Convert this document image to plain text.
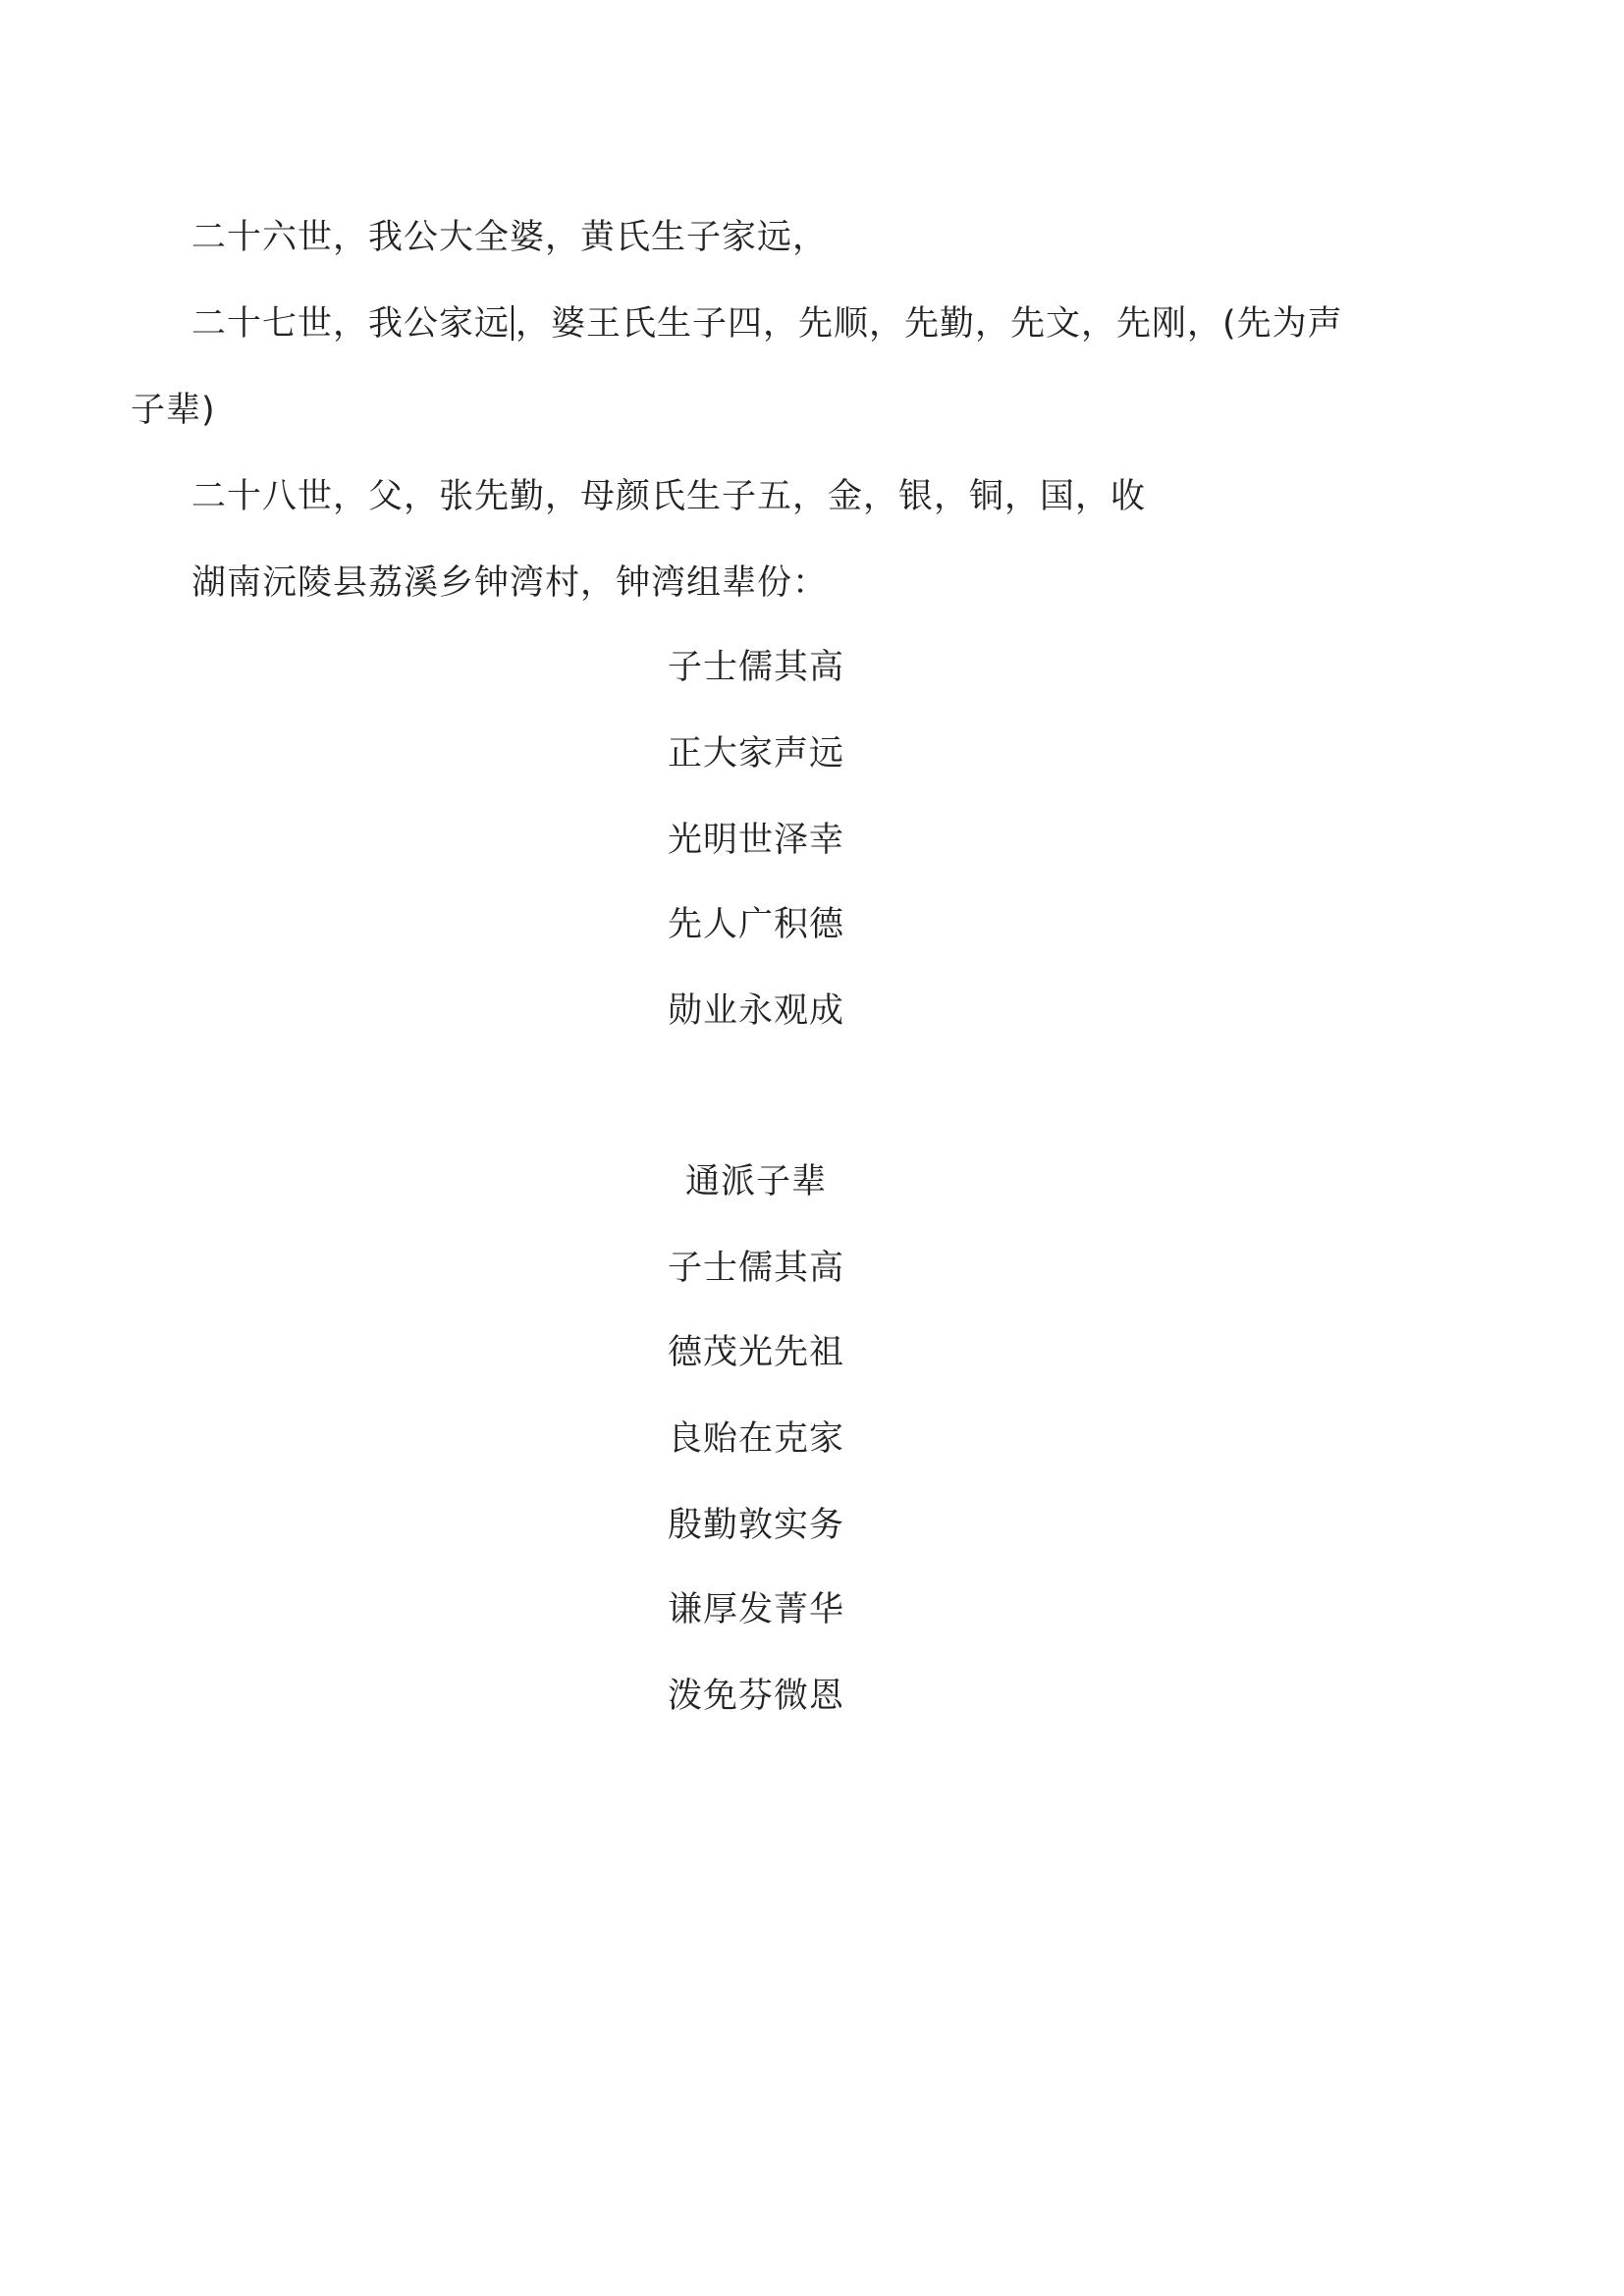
二十六世，我公大全婆，黄氏生子家远，
二十七世，我公家远 ，婆王氏生子四，先顺，先勤，先文，先刚，(先为声
子辈)
二十八世，父，张先勤，母颜氏生子五，金，银，铜，国，收
湖南沅陵县荔溪乡钟湾村，钟湾组辈份：
子士儒其高
正大家声远
光明世泽幸
先人广积德
勋业永观成
通派子辈
子士儒其高
德茂光先祖
良贻在克家
殷勤敦实务
谦厚发菁华
泼免芬微恩
